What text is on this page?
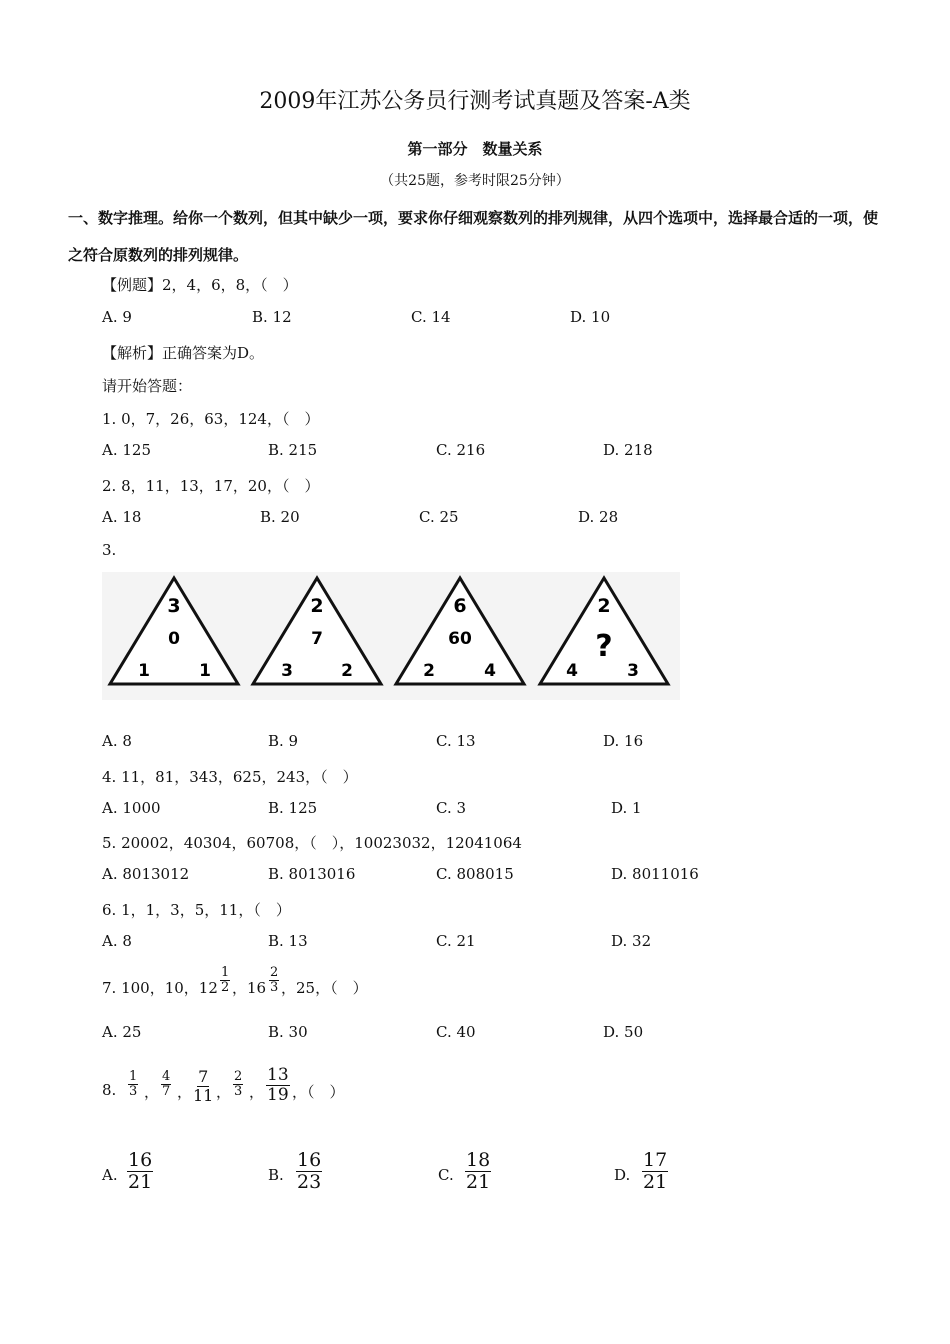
2009年江苏公务员行测考试真题及答案-A类
第一部分　数量关系
（共25题，参考时限25分钟）
一、数字推理。给你一个数列，但其中缺少一项，要求你仔细观察数列的排列规律，从四个选项中，选择最合适的一项，使之符合原数列的排列规律。
【例题】2，4，6，8，（　）
A. 9	B. 12	C. 14	D. 10
【解析】正确答案为D。
请开始答题：
1. 0，7，26，63，124，（　）
A. 125	B. 215	C. 216	D. 218
2. 8，11，13，17，20，（　）
A. 18	B. 20	C. 25	D. 28
3.
3
0
1	1
2
7
3	2
6
60
2	4
2
?
4	3
A. 8	B. 9	C. 13	D. 16
4. 11，81，343，625，243，（　）
A. 1000	B. 125	C. 3	D. 1
5. 20002，40304，60708，（　），10023032，12041064
A. 8013012	B. 8013016	C. 808015	D. 8011016
6. 1，1，3，5，11，（　）
A. 8	B. 13	C. 21	D. 32
7. 100，10，$12 \frac{1}{2}$ ，$16 \frac{2}{3}$ ，25，（　）
A. 25	B. 30	C. 40	D. 50
8. $\frac{1}{3}$ ， $\frac{4}{7}$ ， $\frac{7}{11}$ ， $\frac{2}{3}$ ， $\frac{13}{19}$ ，（　）
A. $\frac{16}{21}$	B. $\frac{16}{23}$	C. $\frac{18}{21}$	D. $\frac{17}{21}$
